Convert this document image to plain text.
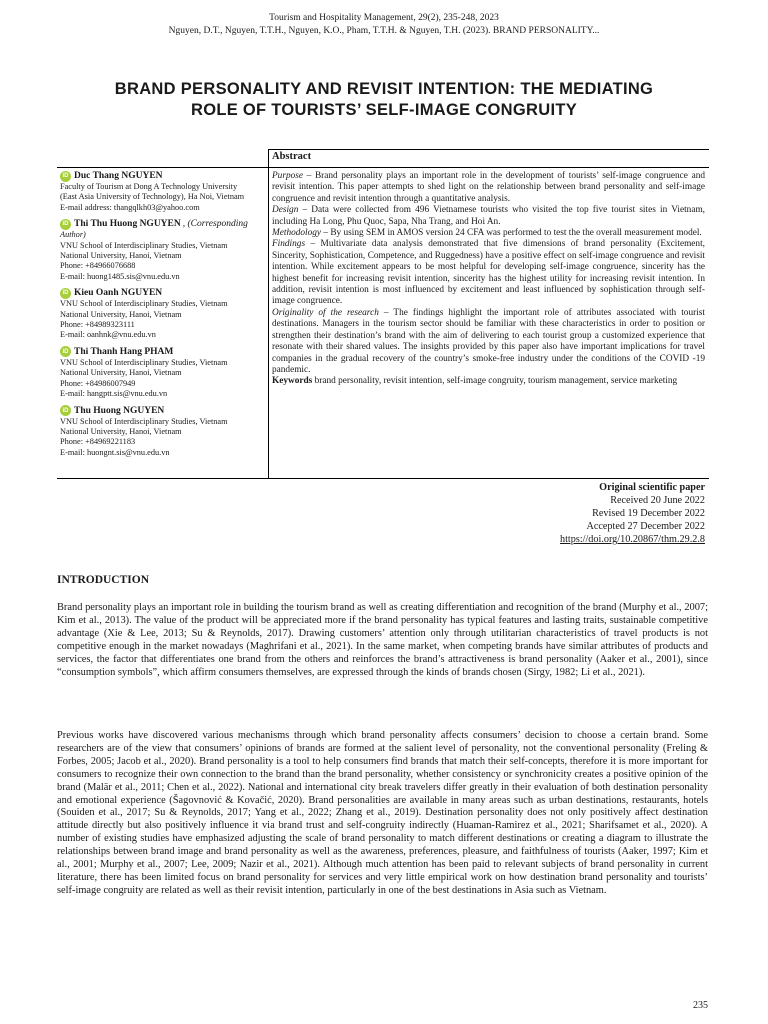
Tourism and Hospitality Management, 29(2), 235-248, 2023
Nguyen, D.T., Nguyen, T.T.H., Nguyen, K.O., Pham, T.T.H. & Nguyen, T.H. (2023). BRAND PERSONALITY...
BRAND PERSONALITY AND REVISIT INTENTION: THE MEDIATING
ROLE OF TOURISTS’ SELF-IMAGE CONGRUITY
Abstract
iD Duc Thang NGUYEN
Faculty of Tourism at Dong A Technology University
(East Asia University of Technology), Ha Noi, Vietnam
E-mail address: thangqlkh03@yahoo.com
iD Thi Thu Huong NGUYEN , (Corresponding
Author)
VNU School of Interdisciplinary Studies, Vietnam
National University, Hanoi, Vietnam
Phone: +84966076688
E-mail: huong1485.sis@vnu.edu.vn
iD Kieu Oanh NGUYEN
VNU School of Interdisciplinary Studies, Vietnam
National University, Hanoi, Vietnam
Phone: +84989323111
E-mail: oanhnk@vnu.edu.vn
iD Thi Thanh Hang PHAM
VNU School of Interdisciplinary Studies, Vietnam
National University, Hanoi, Vietnam
Phone: +84986007949
E-mail: hangptt.sis@vnu.edu.vn
iD Thu Huong NGUYEN
VNU School of Interdisciplinary Studies, Vietnam
National University, Hanoi, Vietnam
Phone: +84969221183
E-mail: huongnt.sis@vnu.edu.vn

Purpose – Brand personality plays an important role in the development of tourists’ self-image congruence and revisit intention. This paper attempts to shed light on the relationship between brand personality and self-image congruence and revisit intention through a quantitative analysis.

Design – Data were collected from 496 Vietnamese tourists who visited the top five tourist sites in Vietnam, including Ha Long, Phu Quoc, Sapa, Nha Trang, and Hoi An.

Methodology – By using SEM in AMOS version 24 CFA was performed to test the the overall measurement model.

Findings – Multivariate data analysis demonstrated that five dimensions of brand personality (Excitement, Sincerity, Sophistication, Competence, and Ruggedness) have a positive effect on self-image congruence and revisit intention. While excitement appears to be most helpful for developing self-image congruence, sincerity has the highest benefit for increasing revisit intention, sincerity has the highest utility for increasing revisit intention. In addition, revisit intention is most influenced by excitement and least influenced by sophistication through self-image congruence.

Originality of the research – The findings highlight the important role of attributes associated with tourist destinations. Managers in the tourism sector should be familiar with these characteristics in order to position or strengthen their destination’s brand with the aim of delivering to each tourist group a customized experience that resonate with their shared values. The insights provided by this paper also have important implications for travel companies in the gradual recovery of the country’s smoke-free industry under the conditions of the COVID -19 pandemic.

Keywords brand personality, revisit intention, self-image congruity, tourism management, service marketing

Original scientific paper
Received 20 June 2022
Revised 19 December 2022
Accepted 27 December 2022
https://doi.org/10.20867/thm.29.2.8
INTRODUCTION

Brand personality plays an important role in building the tourism brand as well as creating differentiation and recognition of the brand (Murphy et al., 2007; Kim et al., 2013). The value of the product will be appreciated more if the brand personality has typical features and lasting traits, sustainable competitive advantage (Xie & Lee, 2013; Su & Reynolds, 2017). Drawing customers’ attention only through utilitarian characteristics of travel products is not competitive enough in the market nowadays (Maghrifani et al., 2021). In the same market, when competing brands have similar attributes of products and services, the factor that differentiates one brand from the others and reinforces the brand’s attractiveness is brand personality (Aaker et al., 2001), since “consumption symbols”, which affirm consumers themselves, are expressed through the kinds of brands chosen (Sirgy, 1982; Li et al., 2021).

Previous works have discovered various mechanisms through which brand personality affects consumers’ decision to choose a certain brand. Some researchers are of the view that consumers’ opinions of brands are formed at the salient level of personality, not the conventional personality (Freling & Forbes, 2005; Jacob et al., 2020). Brand personality is a tool to help consumers find brands that match their self-concepts, therefore it is more important for consumers to recognize their own connection to the brand than the brand personality, whether consistency or synchronicity creates a positive opinion of the brand (Malär et al., 2011; Chen et al., 2022). National and international city break travelers differ greatly in their evaluation of both destination personality and emotional experience (Šagovnović & Kovačić, 2020). Brand personalities are available in many areas such as urban destinations, restaurants, hotels (Souiden et al., 2017; Su & Reynolds, 2017; Yang et al., 2022; Zhang et al., 2019). Destination personality does not only positively affect destination attitude directly but also positively influence it via brand trust and self-congruity indirectly (Huaman-Ramirez et al., 2021; Sharifsamet et al., 2020). A number of existing studies have emphasized adjusting the scale of brand personality to match different destinations or creating a diagram to illustrate the relationships between brand image and brand personality as well as the awareness, preferences, pleasure, and faithfulness of tourists (Aaker, 1997; Kim et al., 2001; Murphy et al., 2007; Lee, 2009; Nazir et al., 2021). Although much attention has been paid to relevant subjects of brand personality in current literature, there has been limited focus on brand personality for services and very little empirical work on how destination brand personality and tourists’ self-image congruity are related as well as their revisit intention, particularly in one of the best destinations in Asia such as Vietnam.

235
